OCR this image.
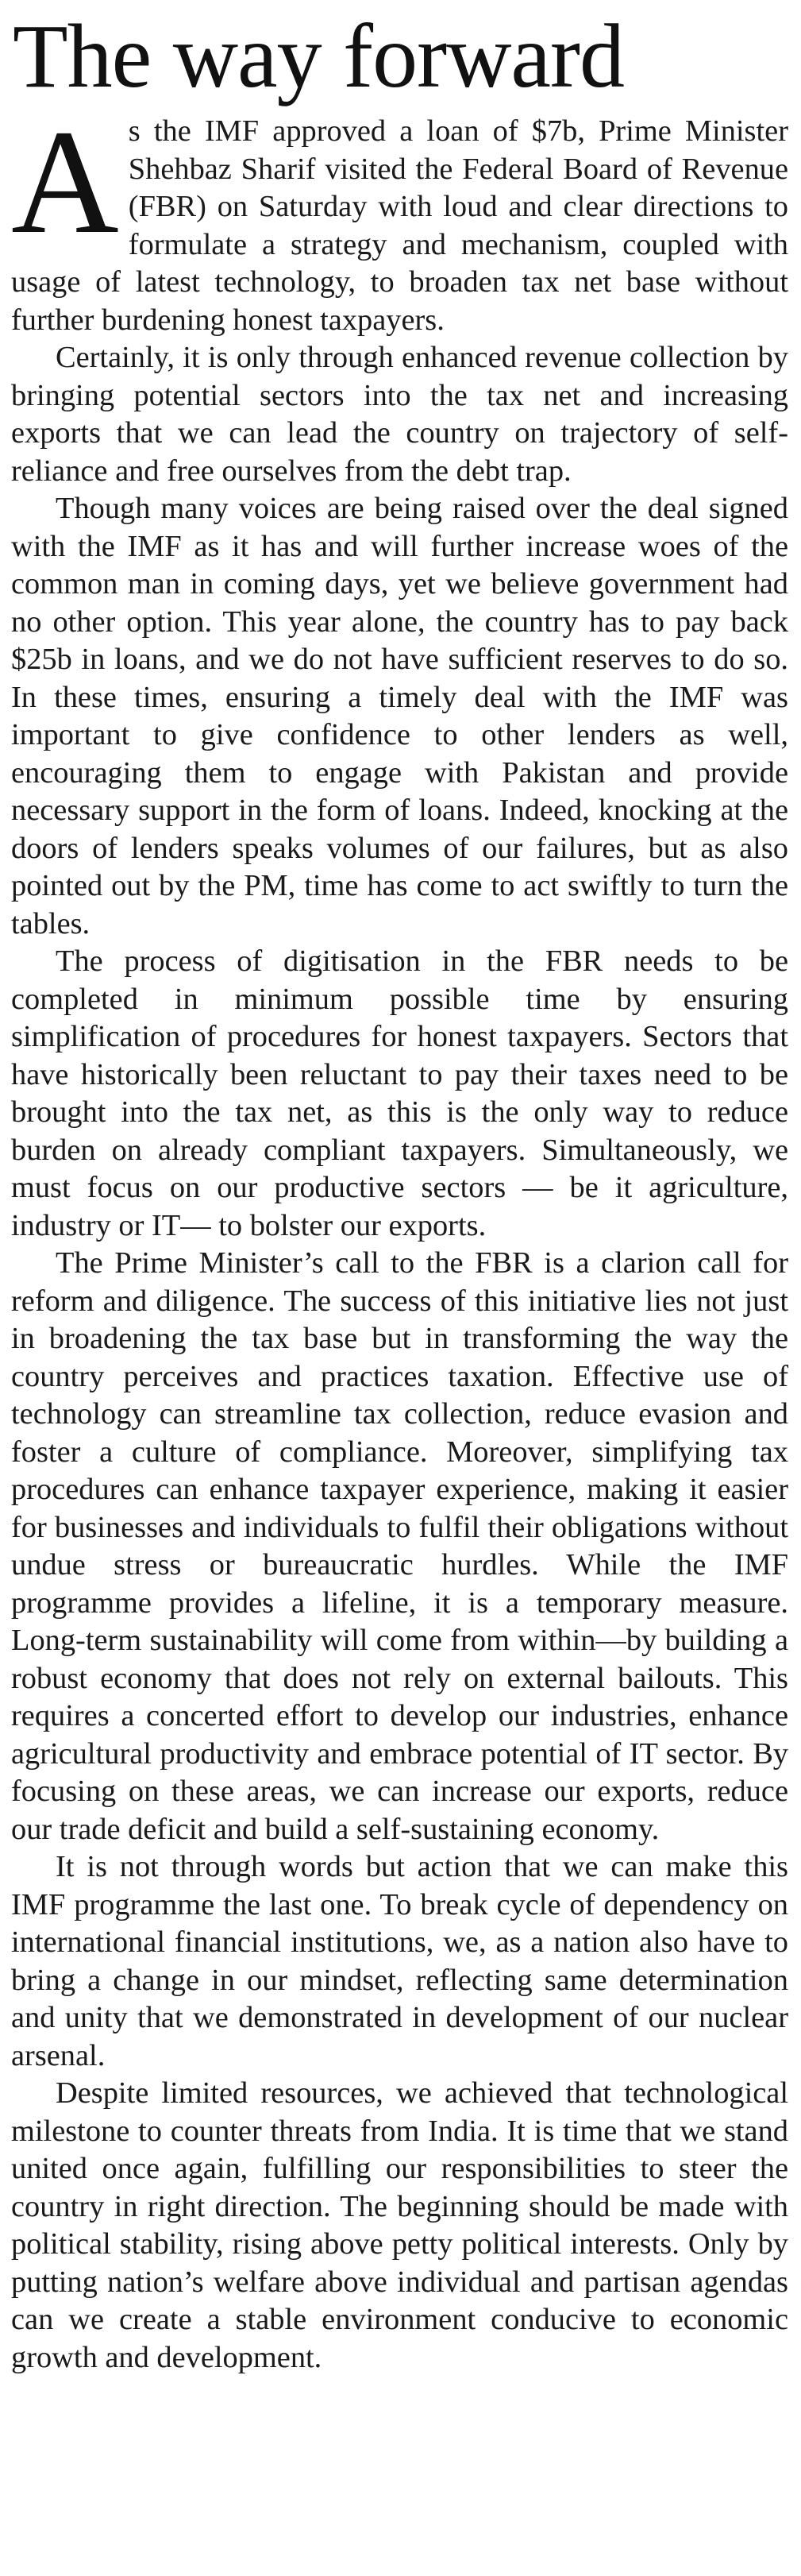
The way forward

As the IMF approved a loan of $7b, Prime Minister Shehbaz Sharif visited the Federal Board of Revenue (FBR) on Saturday with loud and clear directions to formulate a strategy and mechanism, coupled with usage of latest technology, to broaden tax net base without further burdening honest taxpayers.

Certainly, it is only through enhanced revenue collection by bringing potential sectors into the tax net and increasing exports that we can lead the country on trajectory of self-reliance and free ourselves from the debt trap.

Though many voices are being raised over the deal signed with the IMF as it has and will further increase woes of the common man in coming days, yet we believe government had no other option. This year alone, the country has to pay back $25b in loans, and we do not have sufficient reserves to do so. In these times, ensuring a timely deal with the IMF was important to give confidence to other lenders as well, encouraging them to engage with Pakistan and provide necessary support in the form of loans. Indeed, knocking at the doors of lenders speaks volumes of our failures, but as also pointed out by the PM, time has come to act swiftly to turn the tables.

The process of digitisation in the FBR needs to be completed in minimum possible time by ensuring simplification of procedures for honest taxpayers. Sectors that have historically been reluctant to pay their taxes need to be brought into the tax net, as this is the only way to reduce burden on already compliant taxpayers. Simultaneously, we must focus on our productive sectors — be it agriculture, industry or IT— to bolster our exports.

The Prime Minister’s call to the FBR is a clarion call for reform and diligence. The success of this initiative lies not just in broadening the tax base but in transforming the way the country perceives and practices taxation. Effective use of technology can streamline tax collection, reduce evasion and foster a culture of compliance. Moreover, simplifying tax procedures can enhance taxpayer experience, making it easier for businesses and individuals to fulfil their obligations without undue stress or bureaucratic hurdles. While the IMF programme provides a lifeline, it is a temporary measure. Long-term sustainability will come from within—by building a robust economy that does not rely on external bailouts. This requires a concerted effort to develop our industries, enhance agricultural productivity and embrace potential of IT sector. By focusing on these areas, we can increase our exports, reduce our trade deficit and build a self-sustaining economy.

It is not through words but action that we can make this IMF programme the last one. To break cycle of dependency on international financial institutions, we, as a nation also have to bring a change in our mindset, reflecting same determination and unity that we demonstrated in development of our nuclear arsenal.

Despite limited resources, we achieved that technological milestone to counter threats from India. It is time that we stand united once again, fulfilling our responsibilities to steer the country in right direction. The beginning should be made with political stability, rising above petty political interests. Only by putting nation’s welfare above individual and partisan agendas can we create a stable environment conducive to economic growth and development.
